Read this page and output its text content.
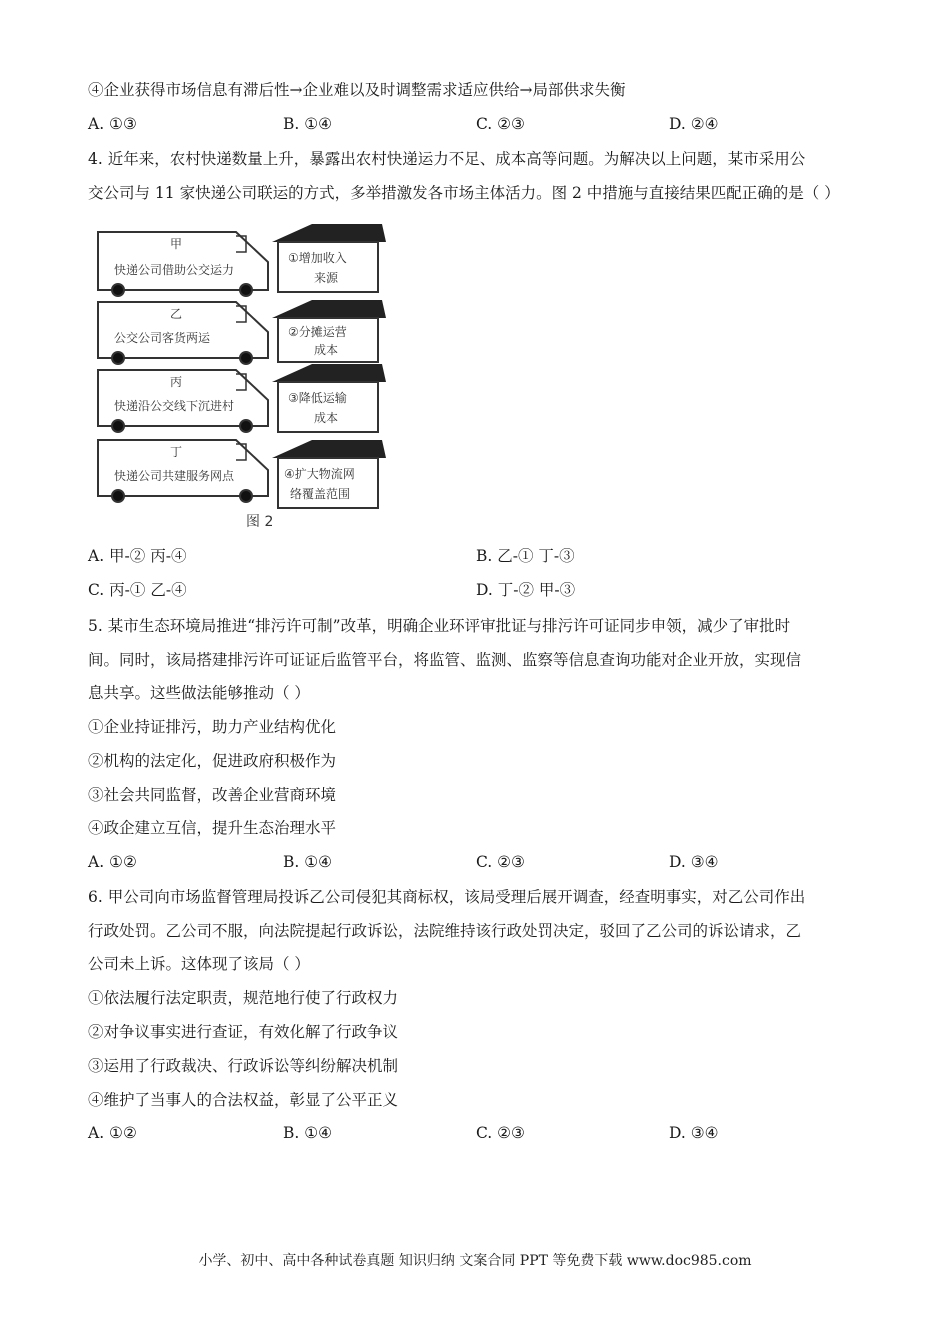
④企业获得市场信息有滞后性→企业难以及时调整需求适应供给→局部供求失衡
A. ①③	B. ①④	C. ②③	D. ②④
4. 近年来，农村快递数量上升，暴露出农村快递运力不足、成本高等问题。为解决以上问题，某市采用公
交公司与 11 家快递公司联运的方式，多举措激发各市场主体活力。图 2 中措施与直接结果匹配正确的是（ ）
甲
快递公司借助公交运力
乙
公交公司客货两运
丙
快递沿公交线下沉进村
丁
快递公司共建服务网点
①增加收入
来源
②分摊运营
成本
③降低运输
成本
④扩大物流网
络覆盖范围
图 2
A. 甲-② 丙-④	B. 乙-① 丁-③
C. 丙-① 乙-④	D. 丁-② 甲-③
5. 某市生态环境局推进“排污许可制”改革，明确企业环评审批证与排污许可证同步申领，减少了审批时
间。同时，该局搭建排污许可证证后监管平台，将监管、监测、监察等信息查询功能对企业开放，实现信
息共享。这些做法能够推动（ ）
①企业持证排污，助力产业结构优化
②机构的法定化，促进政府积极作为
③社会共同监督，改善企业营商环境
④政企建立互信，提升生态治理水平
A. ①②	B. ①④	C. ②③	D. ③④
6. 甲公司向市场监督管理局投诉乙公司侵犯其商标权，该局受理后展开调查，经查明事实，对乙公司作出
行政处罚。乙公司不服，向法院提起行政诉讼，法院维持该行政处罚决定，驳回了乙公司的诉讼请求，乙
公司未上诉。这体现了该局（ ）
①依法履行法定职责，规范地行使了行政权力
②对争议事实进行查证，有效化解了行政争议
③运用了行政裁决、行政诉讼等纠纷解决机制
④维护了当事人的合法权益，彰显了公平正义
A. ①②	B. ①④	C. ②③	D. ③④
小学、初中、高中各种试卷真题 知识归纳 文案合同 PPT 等免费下载 www.doc985.com
